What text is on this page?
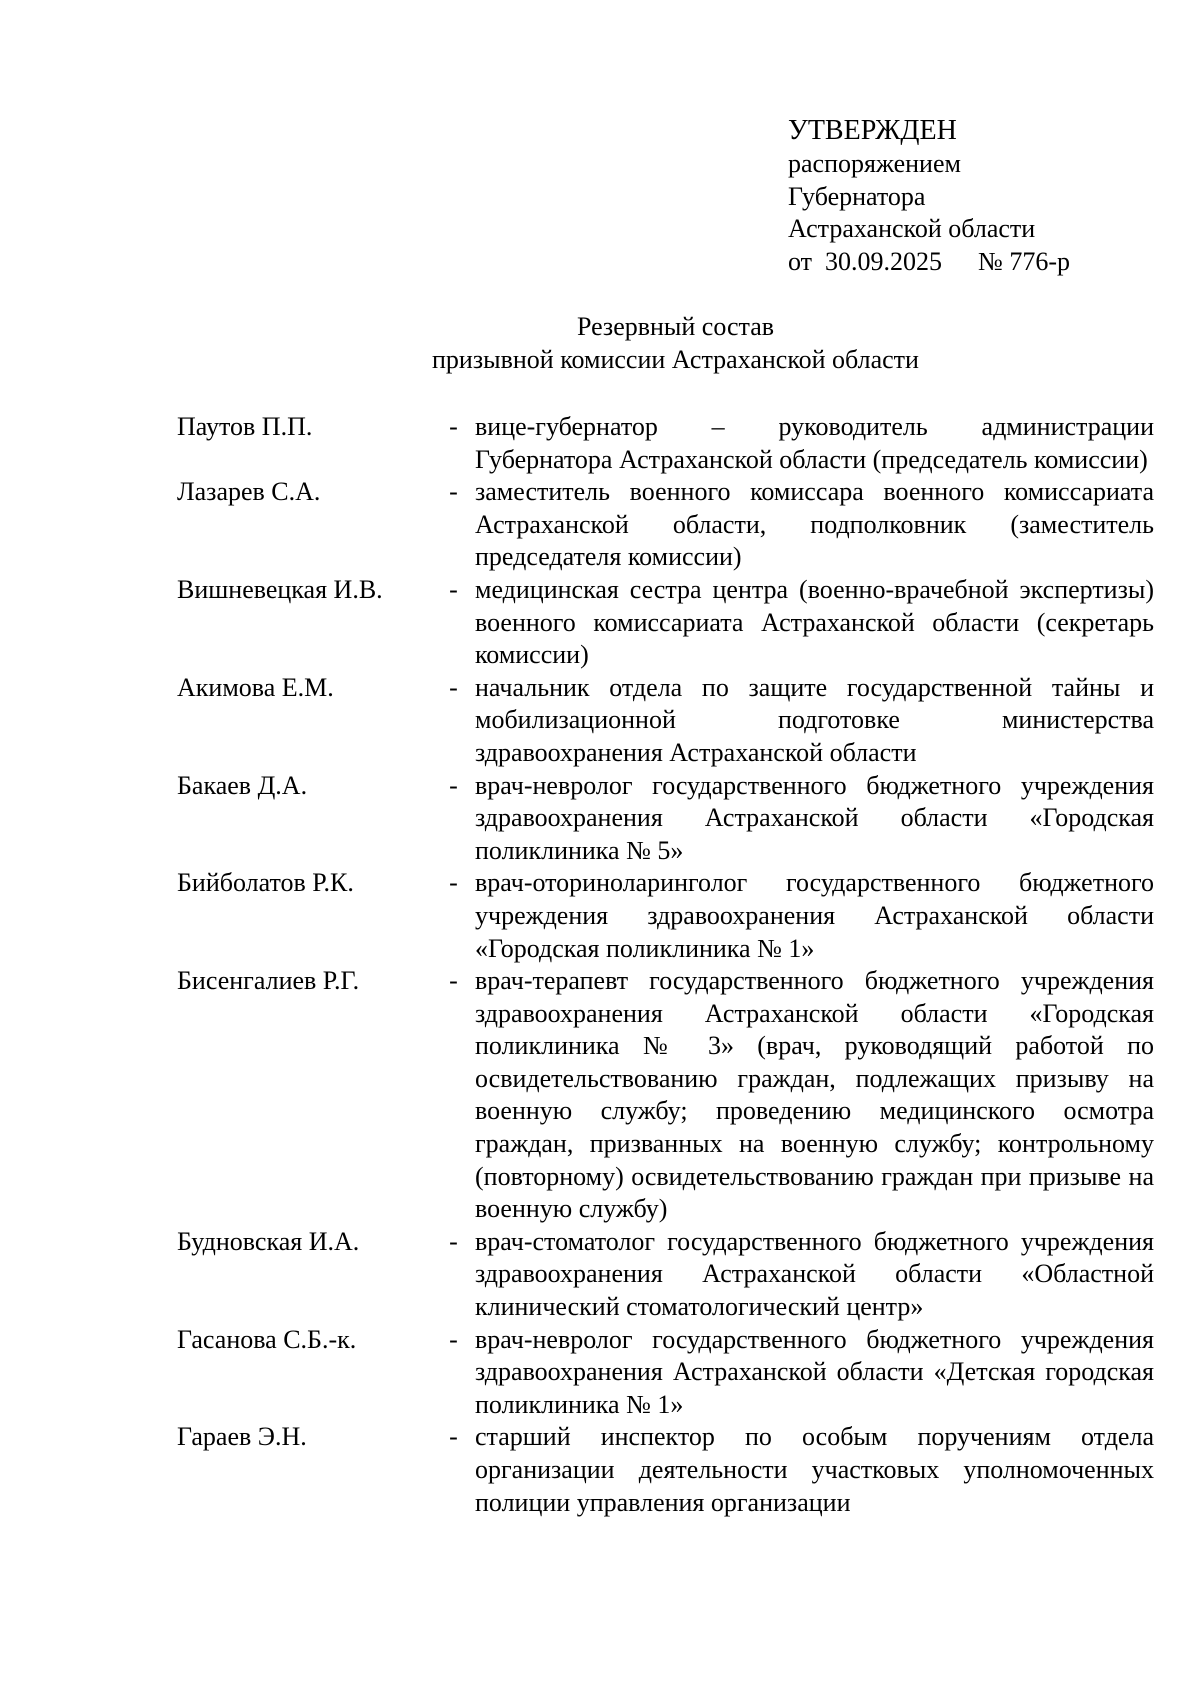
УТВЕРЖДЕН
распоряжением
Губернатора
Астраханской области
от 30.09.2025 № 776-р
Резервный состав
призывной комиссии Астраханской области
Паутов П.П.	- вице-губернатор – руководитель администрации Губернатора Астраханской области (председатель комиссии)
Лазарев С.А.	- заместитель военного комиссара военного комиссариата Астраханской области, подполковник (заместитель председателя комиссии)
Вишневецкая И.В.	- медицинская сестра центра (военно-врачебной экспертизы) военного комиссариата Астраханской области (секретарь комиссии)
Акимова Е.М.	- начальник отдела по защите государственной тайны и мобилизационной подготовке министерства здравоохранения Астраханской области
Бакаев Д.А.	- врач-невролог государственного бюджетного учреждения здравоохранения Астраханской области «Городская поликлиника № 5»
Бийболатов Р.К.	- врач-оториноларинголог государственного бюджетного учреждения здравоохранения Астраханской области «Городская поликлиника № 1»
Бисенгалиев Р.Г.	- врач-терапевт государственного бюджетного учреждения здравоохранения Астраханской области «Городская поликлиника № 3» (врач, руководящий работой по освидетельствованию граждан, подлежащих призыву на военную службу; проведению медицинского осмотра граждан, призванных на военную службу; контрольному (повторному) освидетельствованию граждан при призыве на военную службу)
Будновская И.А.	- врач-стоматолог государственного бюджетного учреждения здравоохранения Астраханской области «Областной клинический стоматологический центр»
Гасанова С.Б.-к.	- врач-невролог государственного бюджетного учреждения здравоохранения Астраханской области «Детская городская поликлиника № 1»
Гараев Э.Н.	- старший инспектор по особым поручениям отдела организации деятельности участковых уполномоченных полиции управления организации
